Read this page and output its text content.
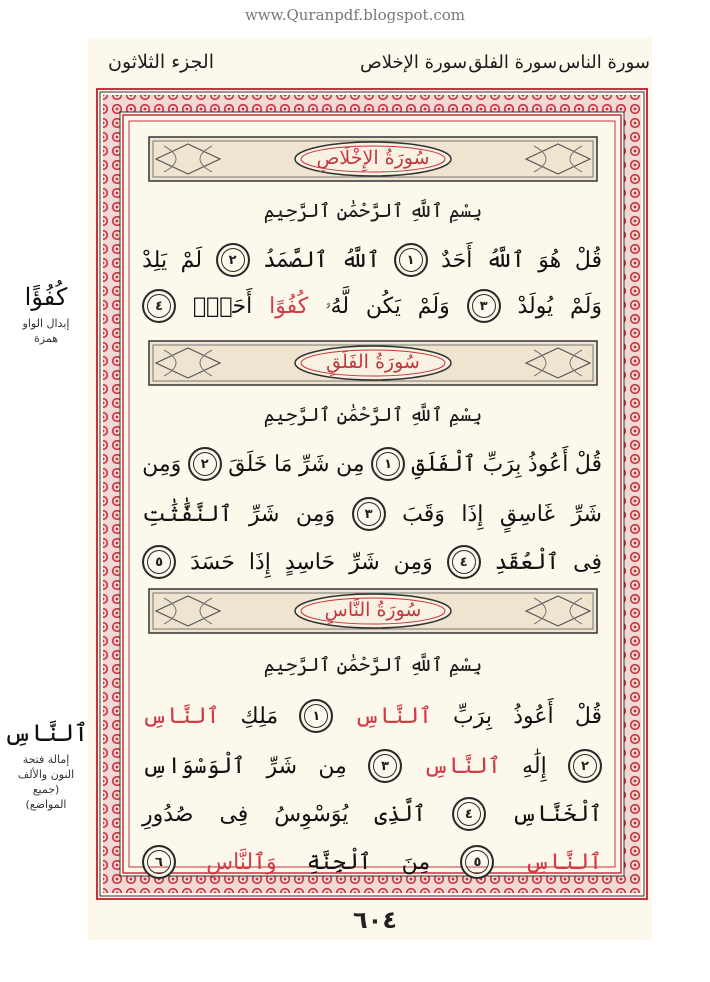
www.Quranpdf.blogspot.com
الجزء الثلاثون	سورة الناس
سورة الفلق
سورة الإخلاص
سُورَةُ الإِخْلَاصِ
بِسْمِ ٱللَّهِ ٱلرَّحْمَٰنِ ٱلرَّحِيمِ
قُلْ
هُوَ
ٱللَّهُ
أَحَدٌ
١
ٱللَّهُ
ٱلصَّمَدُ
٢
لَمْ
يَلِدْ
وَلَمْ
يُولَدْ
٣
وَلَمْ
يَكُن
لَّهُۥ
كُفُوًا
أَحَدٌۢ
٤
سُورَةُ الفَلَقِ
بِسْمِ ٱللَّهِ ٱلرَّحْمَٰنِ ٱلرَّحِيمِ
قُلْ
أَعُوذُ
بِرَبِّ
ٱلْفَلَقِ
١
مِن
شَرِّ
مَا
خَلَقَ
٢
وَمِن
شَرِّ
غَاسِقٍ
إِذَا
وَقَبَ
٣
وَمِن
شَرِّ
ٱلنَّفَّٰثَٰتِ
فِى
ٱلْعُقَدِ
٤
وَمِن
شَرِّ
حَاسِدٍ
إِذَا
حَسَدَ
٥
سُورَةُ النَّاسِ
بِسْمِ ٱللَّهِ ٱلرَّحْمَٰنِ ٱلرَّحِيمِ
قُلْ
أَعُوذُ
بِرَبِّ
ٱلنَّاسِ
١
مَلِكِ
ٱلنَّاسِ
٢
إِلَٰهِ
ٱلنَّاسِ
٣
مِن
شَرِّ
ٱلْوَسْوَاسِ
ٱلْخَنَّاسِ
٤
ٱلَّذِى
يُوَسْوِسُ
فِى
صُدُورِ
ٱلنَّاسِ
٥
مِنَ
ٱلْجِنَّةِ
وَٱلنَّاسِ
٦
كُفُؤًا
إبدال الواو
همزة
ٱلنَّاسِ
إمالة فتحة
النون والألف
(جميع
المواضع)
٦٠٤
